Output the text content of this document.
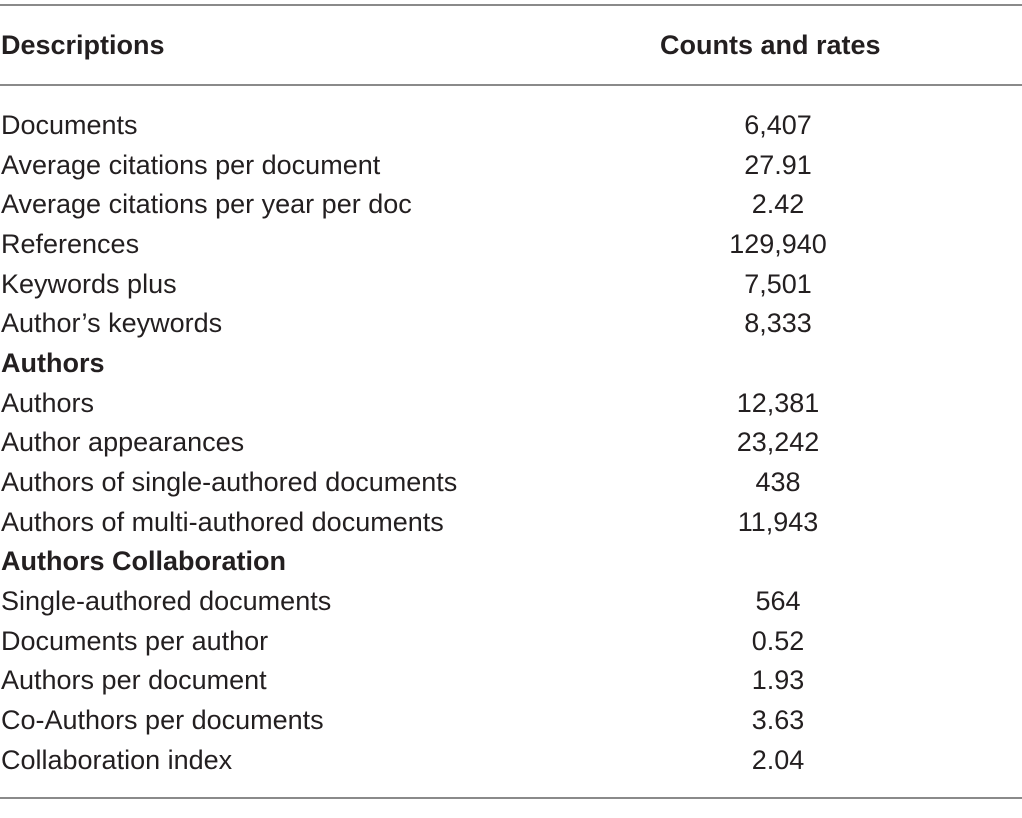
Descriptions	Counts and rates
Documents	6,407
Average citations per document	27.91
Average citations per year per doc	2.42
References	129,940
Keywords plus	7,501
Author’s keywords	8,333
Authors
Authors	12,381
Author appearances	23,242
Authors of single-authored documents	438
Authors of multi-authored documents	11,943
Authors Collaboration
Single-authored documents	564
Documents per author	0.52
Authors per document	1.93
Co-Authors per documents	3.63
Collaboration index	2.04
